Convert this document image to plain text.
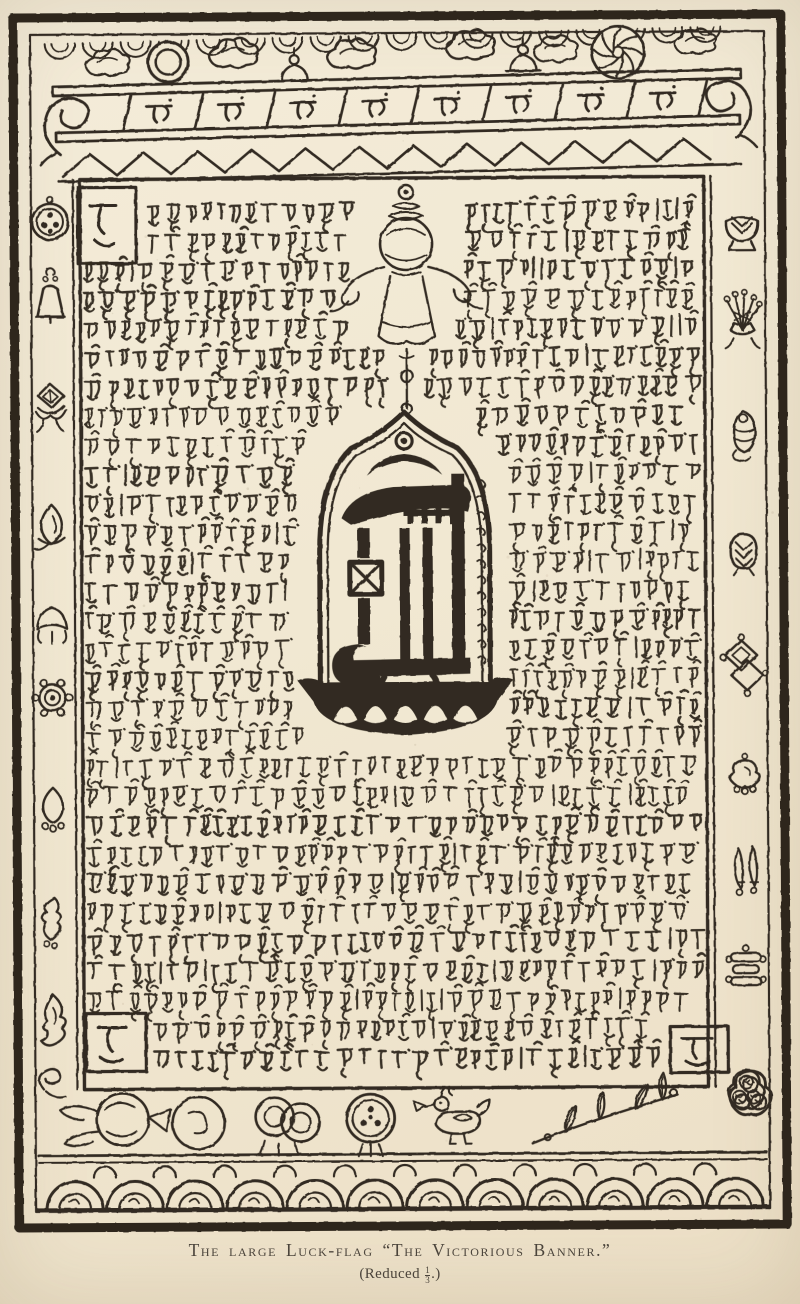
The large Luck-flag “The Victorious Banner.”
(Reduced $\frac{1}{3}$ .)
